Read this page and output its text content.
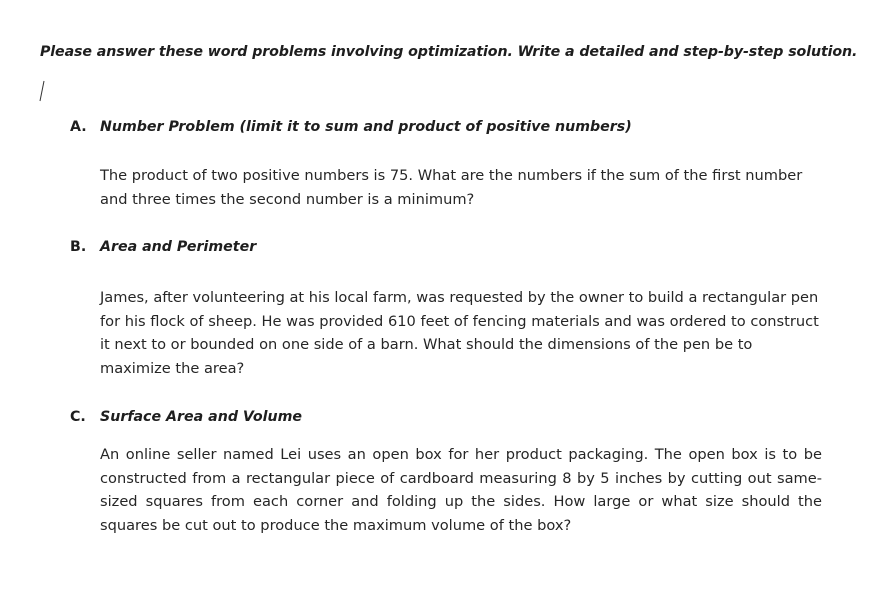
Please answer these word problems involving optimization. Write a detailed and step-by-step solution.
A. Number Problem (limit it to sum and product of positive numbers)
The product of two positive numbers is 75. What are the numbers if the sum of the first number and three times the second number is a minimum?
B. Area and Perimeter
James, after volunteering at his local farm, was requested by the owner to build a rectangular pen for his flock of sheep. He was provided 610 feet of fencing materials and was ordered to construct it next to or bounded on one side of a barn. What should the dimensions of the pen be to maximize the area?
C. Surface Area and Volume
An online seller named Lei uses an open box for her product packaging. The open box is to be constructed from a rectangular piece of cardboard measuring 8 by 5 inches by cutting out same-sized squares from each corner and folding up the sides. How large or what size should the squares be cut out to produce the maximum volume of the box?
